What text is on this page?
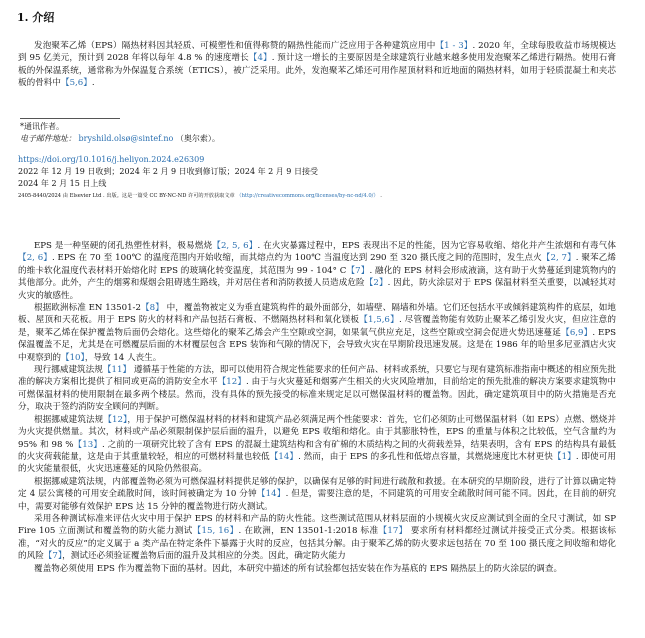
1. 介绍

发泡聚苯乙烯（EPS）隔热材料因其轻质、可模塑性和值得称赞的隔热性能而广泛应用于各种建筑应用中【1 - 3】. 2020 年，全球每股收益市场规模达到 95 亿美元，预计到 2028 年将以每年 4.8 % 的速度增长【4】. 预计这一增长的主要原因是全球建筑行业越来越多使用发泡聚苯乙烯进行隔热。使用石膏板的外保温系统，通常称为外保温复合系统（ETICS），被广泛采用。此外，发泡聚苯乙烯还可用作屋顶材料和近地面的隔热材料，如用于轻质混凝土和夹芯板的骨料中【5,6】.

*通讯作者。
电子邮件地址： bryshild.olsø@sintef.no （奥尔索）。
https://doi.org/10.1016/j.heliyon.2024.e26309
2022 年 12 月 19 日收到；2024 年 2 月 9 日收到修订版；2024 年 2 月 9 日接受
2024 年 2 月 15 日上线
2405-8440/2024 由 Elsevier Ltd . 出版。这是一篇受 CC BY-NC-ND 许可的开放获取文章 （http://creativecommons.org/licenses/by-nc-nd/4.0/） .

EPS 是一种坚硬的闭孔热塑性材料，极易燃烧【2, 5, 6】. 在火灾暴露过程中，EPS 表现出不足的性能，因为它容易收缩、熔化并产生浓烟和有毒气体【2, 6】. EPS 在 70 至 100℃ 的温度范围内开始收缩，而其熔点约为 100℃ 当温度达到 290 至 320 摄氏度之间的范围时，发生点火【2, 7】. 聚苯乙烯的维卡软化温度代表材料开始熔化时 EPS 的玻璃化转变温度，其范围为 99 - 104° C【7】. 融化的 EPS 材料会形成液滴，这有助于火势蔓延到建筑物内的其他部分。此外，产生的烟雾和煤烟会阻碍逃生路线，并对居住者和消防救援人员造成危险【2】. 因此，防火涂层对于 EPS 保温材料至关重要，以减轻其对火灾的敏感性。

根据欧洲标准 EN 13501-2【8】 中，覆盖物被定义为垂直建筑构件的最外面部分，如墙壁、隔墙和外墙。它们还包括水平或倾斜建筑构件的底层，如地板、屋顶和天花板。用于 EPS 防火的材料和产品包括石膏板、不燃隔热材料和氧化镁板【1,5,6】. 尽管覆盖物能有效防止聚苯乙烯引发火灾，但应注意的是，聚苯乙烯在保护覆盖物后面仍会熔化。这些熔化的聚苯乙烯会产生空隙或空洞，如果氧气供应充足，这些空隙或空洞会促进火势迅速蔓延【6,9】. EPS 保温覆盖不足，尤其是在可燃覆层后面的木材覆层包含 EPS 装饰和气隙的情况下，会导致火灾在早期阶段迅速发展。这是在 1986 年的哈里多尼亚酒店火灾中观察到的【10】，导致 14 人丧生。

现行挪威建筑法规【11】 遵循基于性能的方法，即可以使用符合规定性能要求的任何产品、材料或系统，只要它与现有建筑标准指南中概述的相应预先批准的解决方案相比提供了相同或更高的消防安全水平【12】. 由于与火灾蔓延和烟雾产生相关的火灾风险增加，目前给定的预先批准的解决方案要求建筑物中可燃保温材料的使用限制在最多两个楼层。然而，没有具体的预先接受的标准来规定足以可燃保温材料的覆盖物。因此，确定建筑项目中的防火措施是否充分，取决于签约消防安全顾问的判断。

根据挪威建筑法规【12】，用于保护可燃保温材料的材料和建筑产品必须满足两个性能要求：首先，它们必须防止可燃保温材料（如 EPS）点燃、燃烧并为火灾提供燃量。其次，材料或产品必须限制保护层后面的温升，以避免 EPS 收缩和熔化。由于其膨胀特性，EPS 的重量与体积之比较低，空气含量约为 95% 和 98 %【13】. 之前的一项研究比较了含有 EPS 的混凝土建筑结构和含有矿棉的木质结构之间的火荷载差异，结果表明，含有 EPS 的结构具有最低的火灾荷载能量，这是由于其重量较轻，相应的可燃材料量也较低【14】. 然而，由于 EPS 的多孔性和低熔点容量，其燃烧速度比木材更快【1】. 即使可用的火灾能量很低，火灾迅速蔓延的风险仍然很高。

根据挪威建筑法规，内部覆盖物必须为可燃保温材料提供足够的保护，以确保有足够的时间进行疏散和救援。在本研究的早期阶段，进行了计算以确定特定 4 层公寓楼的可用安全疏散时间，该时间被确定为 10 分钟【14】. 但是，需要注意的是，不同建筑的可用安全疏散时间可能不同。因此，在目前的研究中，需要对能够有效保护 EPS 达 15 分钟的覆盖物进行防火测试。

采用各种测试标准来评估火灾中用于保护 EPS 的材料和产品的防火性能。这些测试范围从材料层面的小规模火灾反应测试到全面的全尺寸测试，如 SP Fire 105 立面测试和覆盖物的防火能力测试【15, 16】. 在欧洲，EN 13501-1:2018 标准【17】 要求所有材料都经过测试并接受正式分类。根据该标准，“对火的反应”的定义属于 a 类产品在特定条件下暴露于火时的反应，包括其分解。由于聚苯乙烯的防火要求远包括在 70 至 100 摄氏度之间收缩和熔化的风险【7】，测试还必须验证覆盖物后面的温升及其相应的分类。因此，确定防火能力

覆盖物必须使用 EPS 作为覆盖物下面的基材。因此，本研究中描述的所有试验都包括安装在作为基底的 EPS 隔热层上的防火涂层的调查。
